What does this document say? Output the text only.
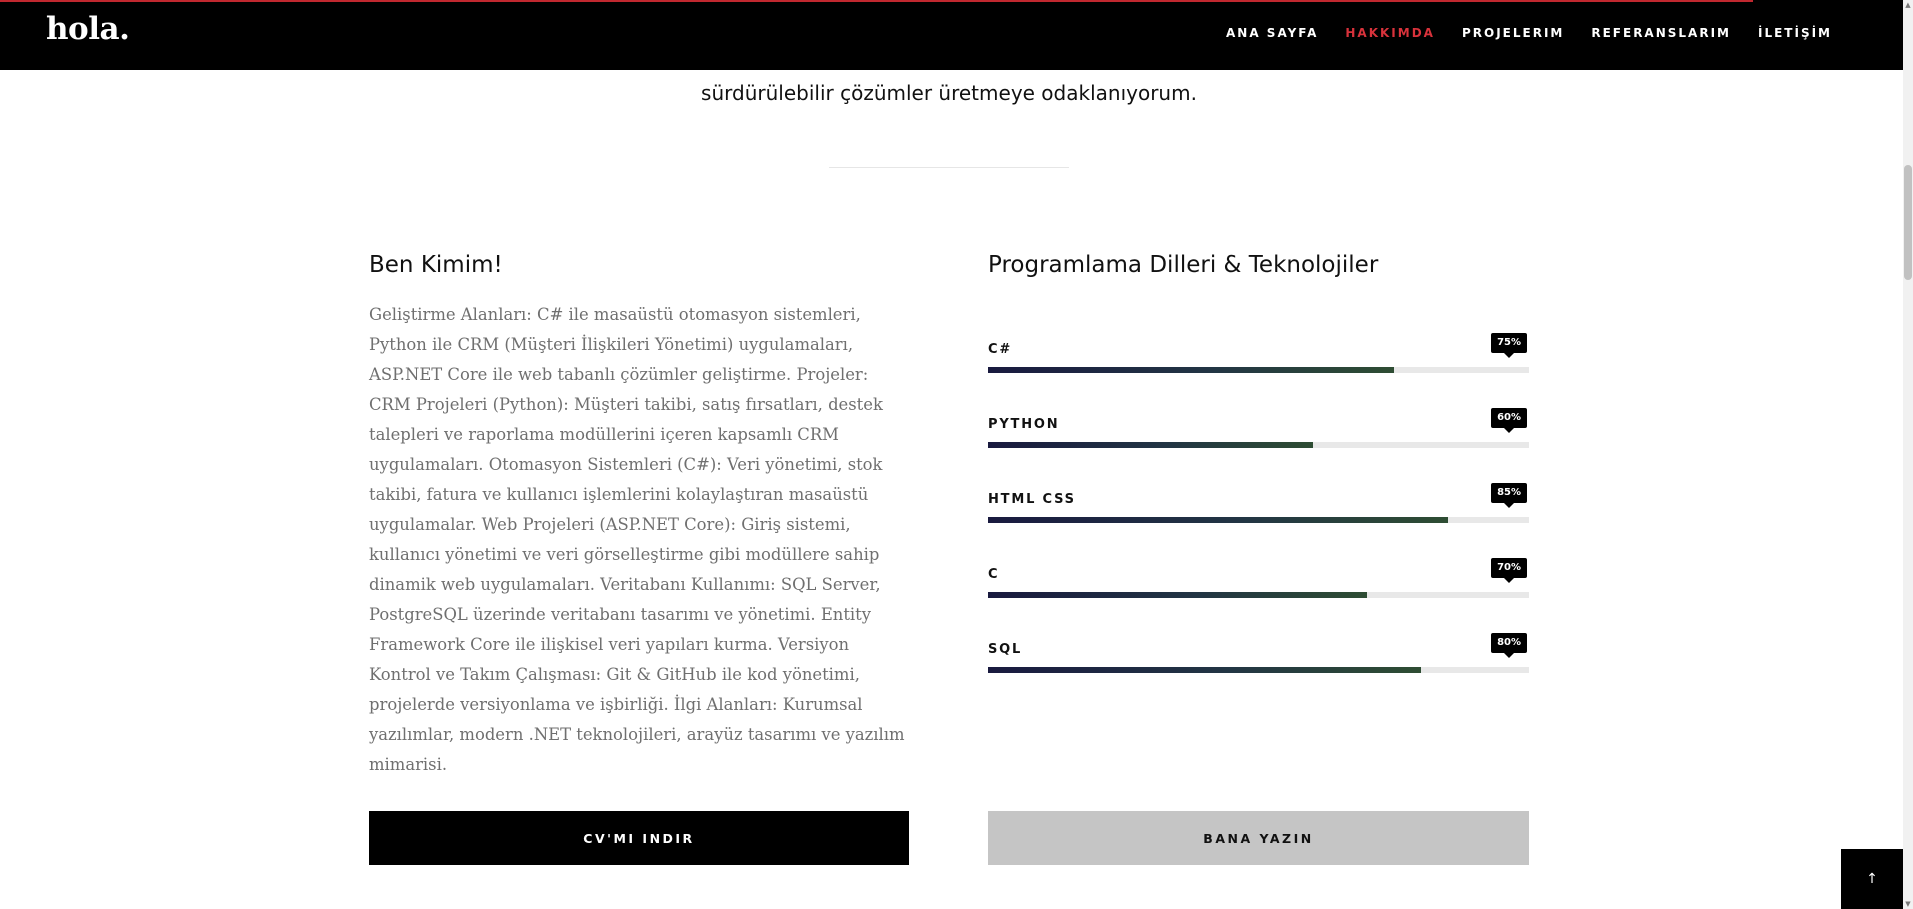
hola.	ANA SAYFA HAKKIMDA PROJELERIM REFERANSLARIM İLETİŞİM
▲
▼

sürdürülebilir çözümler üretmeye odaklanıyorum.

Ben Kimim!

Geliştirme Alanları: C# ile masaüstü otomasyon sistemleri, Python ile CRM (Müşteri İlişkileri Yönetimi) uygulamaları, ASP.NET Core ile web tabanlı çözümler geliştirme. Projeler: CRM Projeleri (Python): Müşteri takibi, satış fırsatları, destek talepleri ve raporlama modüllerini içeren kapsamlı CRM uygulamaları. Otomasyon Sistemleri (C#): Veri yönetimi, stok takibi, fatura ve kullanıcı işlemlerini kolaylaştıran masaüstü uygulamalar. Web Projeleri (ASP.NET Core): Giriş sistemi, kullanıcı yönetimi ve veri görselleştirme gibi modüllere sahip dinamik web uygulamaları. Veritabanı Kullanımı: SQL Server, PostgreSQL üzerinde veritabanı tasarımı ve yönetimi. Entity Framework Core ile ilişkisel veri yapıları kurma. Versiyon Kontrol ve Takım Çalışması: Git & GitHub ile kod yönetimi, projelerde versiyonlama ve işbirliği. İlgi Alanları: Kurumsal yazılımlar, modern .NET teknolojileri, arayüz tasarımı ve yazılım mimarisi.

Programlama Dilleri & Teknolojiler
C#	75%
PYTHON	60%
HTML CSS	85%
C	70%
SQL	80%
CV'MI INDIR	BANA YAZIN
↑
